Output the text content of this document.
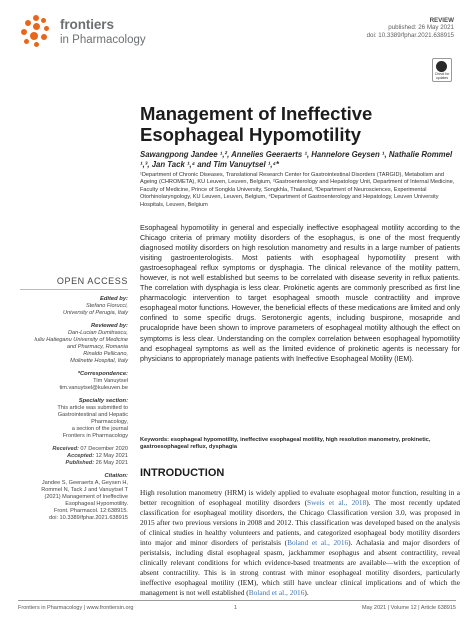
frontiers
in Pharmacology
REVIEW
published: 26 May 2021
doi: 10.3389/fphar.2021.638915
Check for updates
Management of Ineffective Esophageal Hypomotility
Sawangpong Jandee ¹,², Annelies Geeraerts ¹, Hannelore Geysen ¹, Nathalie Rommel ¹,³, Jan Tack ¹,⁴ and Tim Vanuytsel ¹,⁴*
¹Department of Chronic Diseases, Translational Research Center for Gastrointestinal Disorders (TARGID), Metabolism and Ageing (CHROMETA), KU Leuven, Leuven, Belgium, ²Gastroenterology and Hepatology Unit, Department of Internal Medicine, Faculty of Medicine, Prince of Songkla University, Songkhla, Thailand, ³Department of Neurosciences, Experimental Otorhinolaryngology, KU Leuven, Leuven, Belgium, ⁴Department of Gastroenterology and Hepatology, Leuven University Hospitals, Leuven, Belgium
Esophageal hypomotility in general and especially ineffective esophageal motility according to the Chicago criteria of primary motility disorders of the esophagus, is one of the most frequently diagnosed motility disorders on high resolution manometry and results in a large number of patients visiting gastroenterologists. Most patients with esophageal hypomotility present with gastroesophageal reflux symptoms or dysphagia. The clinical relevance of the motility pattern, however, is not well established but seems to be correlated with disease severity in reflux patients. The correlation with dysphagia is less clear. Prokinetic agents are commonly prescribed as first line pharmacologic intervention to target esophageal smooth muscle contractility and improve esophageal motor functions. However, the beneficial effects of these medications are limited and only confined to some specific drugs. Serotonergic agents, including buspirone, mosapride and prucalopride have been shown to improve parameters of esophageal motility although the effect on symptoms is less clear. Understanding on the complex correlation between esophageal hypomotility and esophageal symptoms as well as the limited evidence of prokinetic agents is necessary for physicians to appropriately manage patients with Ineffective Esophageal Motility (IEM).
Keywords: esophageal hypomotility, ineffective esophageal motility, high resolution manometry, prokinetic, gastroesophageal reflux, dysphagia
INTRODUCTION
High resolution manometry (HRM) is widely applied to evaluate esophageal motor function, resulting in a better recognition of esophageal motility disorders (Sweis et al., 2018). The most recently updated classification for esophageal motility disorders, the Chicago Classification version 3.0, was proposed in 2015 after two previous versions in 2008 and 2012. This classification was developed based on the analysis of clinical studies in healthy volunteers and patients, and categorized esophageal body motility disorders into major and minor disorders of peristalsis (Boland et al., 2016). Achalasia and major disorders of peristalsis, including distal esophageal spasm, jackhammer esophagus and absent contractility, reveal clinically relevant conditions for which evidence-based treatments are available—with the exception of absent contractility. This is in strong contrast with minor esophageal motility disorders, particularly ineffective esophageal motility (IEM), which still have unclear clinical implications and of which the management is not well established (Boland et al., 2016).
OPEN ACCESS
Edited by:
Stefano Fiorucci,
University of Perugia, Italy
Reviewed by:
Dan-Lucian Dumitrascu,
Iuliu Hatieganu University of Medicine
and Pharmacy, Romania
Rinaldo Pellicano,
Molinette Hospital, Italy
*Correspondence:
Tim Vanuytsel
tim.vanuytsel@kuleuven.be
Specialty section:
This article was submitted to
Gastrointestinal and Hepatic
Pharmacology,
a section of the journal
Frontiers in Pharmacology
Received: 07 December 2020
Accepted: 12 May 2021
Published: 26 May 2021
Citation:
Jandee S, Geeraerts A, Geysen H,
Rommel N, Tack J and Vanuytsel T
(2021) Management of Ineffective
Esophageal Hypomotility.
Front. Pharmacol. 12:638915.
doi: 10.3389/fphar.2021.638915
Frontiers in Pharmacology | www.frontiersin.org	1	May 2021 | Volume 12 | Article 638915
